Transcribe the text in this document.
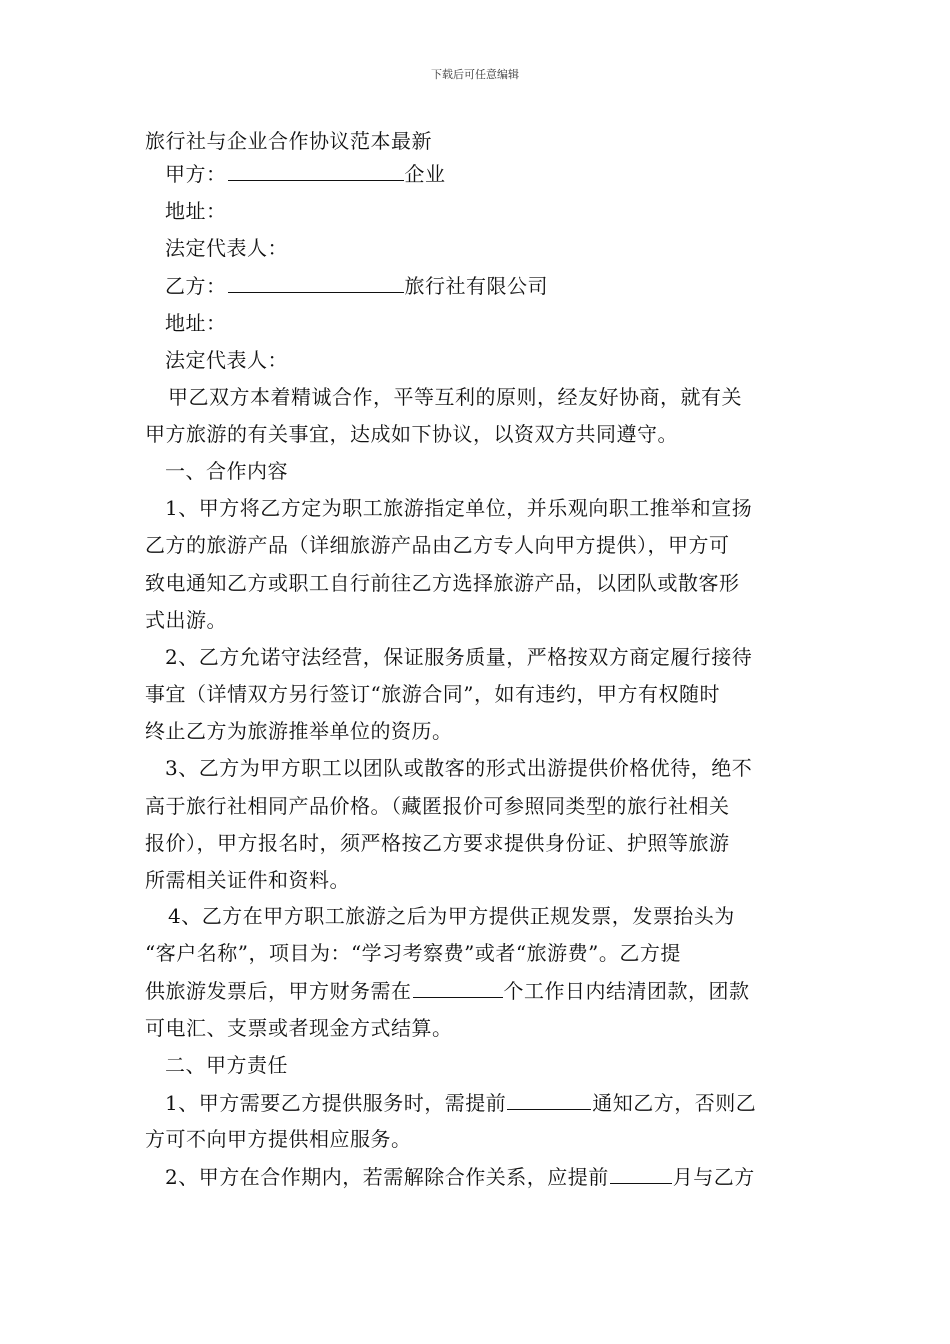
下载后可任意编辑
旅行社与企业合作协议范本最新
甲方：	企业
地址：
法定代表人：
乙方：	旅行社有限公司
地址：
法定代表人：
甲乙双方本着精诚合作，平等互利的原则，经友好协商，就有关
甲方旅游的有关事宜，达成如下协议，以资双方共同遵守。
一、合作内容
1、甲方将乙方定为职工旅游指定单位，并乐观向职工推举和宣扬
乙方的旅游产品（详细旅游产品由乙方专人向甲方提供），甲方可
致电通知乙方或职工自行前往乙方选择旅游产品，以团队或散客形
式出游。
2、乙方允诺守法经营，保证服务质量，严格按双方商定履行接待
事宜（详情双方另行签订“旅游合同”，如有违约，甲方有权随时
终止乙方为旅游推举单位的资历。
3、乙方为甲方职工以团队或散客的形式出游提供价格优待，绝不
高于旅行社相同产品价格。（藏匿报价可参照同类型的旅行社相关
报价），甲方报名时，须严格按乙方要求提供身份证、护照等旅游
所需相关证件和资料。
4、乙方在甲方职工旅游之后为甲方提供正规发票，发票抬头为
“客户名称”，项目为：“学习考察费”或者“旅游费”。乙方提
供旅游发票后，甲方财务需在	个工作日内结清团款，团款
可电汇、支票或者现金方式结算。
二、甲方责任
1、甲方需要乙方提供服务时，需提前	通知乙方，否则乙
方可不向甲方提供相应服务。
2、甲方在合作期内，若需解除合作关系，应提前	月与乙方
